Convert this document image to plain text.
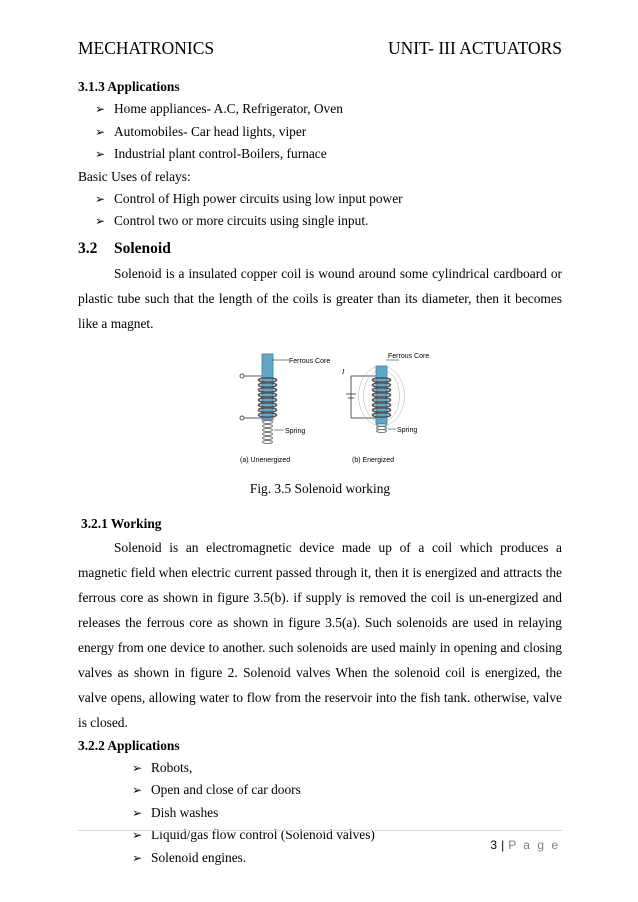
MECHATRONICS	UNIT- III ACTUATORS

3.1.3 Applications

➢ Home appliances- A.C, Refrigerator, Oven
➢ Automobiles- Car head lights, viper
➢ Industrial plant control-Boilers, furnace

Basic Uses of relays:

➢ Control of High power circuits using low input power
➢ Control two or more circuits using single input.

3.2 Solenoid

Solenoid is a insulated copper coil is wound around some cylindrical cardboard or plastic tube such that the length of the coils is greater than its diameter, then it becomes like a magnet.

Ferrous Core
Spring
(a) Unenergized
I
Ferrous Core
Spring
(b) Energized

Fig. 3.5 Solenoid working

3.2.1 Working

Solenoid is an electromagnetic device made up of a coil which produces a magnetic field when electric current passed through it, then it is energized and attracts the ferrous core as shown in figure 3.5(b). if supply is removed the coil is un-energized and releases the ferrous core as shown in figure 3.5(a). Such solenoids are used in relaying energy from one device to another. such solenoids are used mainly in opening and closing valves as shown in figure 2. Solenoid valves When the solenoid coil is energized, the valve opens, allowing water to flow from the reservoir into the fish tank. otherwise, valve is closed.

3.2.2 Applications

➢ Robots,
➢ Open and close of car doors
➢ Dish washes
➢ Liquid/gas flow control (Solenoid valves)
➢ Solenoid engines.
3 | P a g e
